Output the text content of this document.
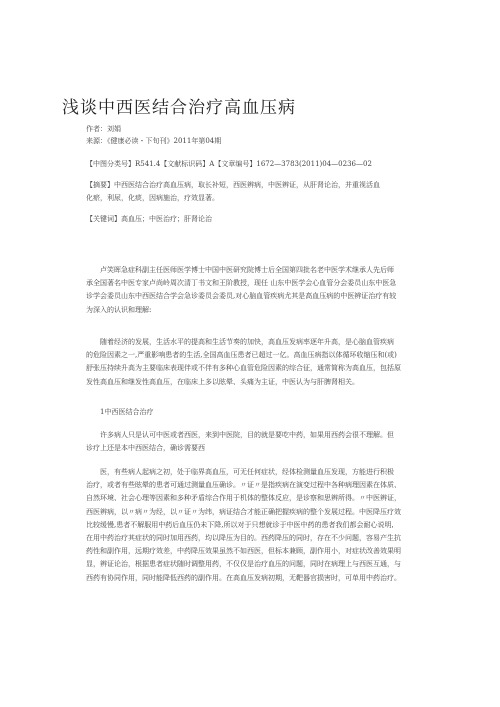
浅谈中西医结合治疗高血压病
作者：刘娟
来源：《健康必读・下旬刊》2011年第04期
【中图分类号】R541.4【文献标识码】A【文章编号】1672—3783(2011)04—0236—02
【摘要】中西医结合治疗高血压病，取长补短，西医辨病，中医辨证，从肝肾论治，并重视活血
化瘀，利尿，化痰，因病施治，疗效显著。
【关键词】高血压；中医治疗；肝肾论治
卢笑晖急症科副主任医师医学博士中国中医研究院博士后全国第四批名老中医学术继承人先后师
承全国著名中医专家卢尚岭周次清丁书文和王阶教授，现任 山东中医学会心血管分会委员山东中医急
诊学会委员山东中西医结合学会急诊委员会委员,对心脑血管疾病尤其是高血压病的中医辨证治疗有较
为深入的认识和理解:
随着经济的发展，生活水平的提高和生活节奏的加快，高血压发病率逐年升高，是心脑血管疾病
的危险因素之一,严重影响患者的生活,全国高血压患者已超过一亿。高血压病指以体循环收缩压和(或)
舒张压持续升高为主要临床表现伴或不伴有多种心血管危险因素的综合征，通常简称为高血压，包括原
发性高血压和继发性高血压，在临床上多以眩晕、头痛为主证，中医认为与肝脾肾相关。
1中西医结合治疗
许多病人只是认可中医或者西医，来到中医院，目的就是要吃中药，如果用西药会很不理解。但
诊疗上还是本中西医结合，确诊需要西
医，有些病人起病之初，处于临界高血压，可无任何症状，经体检测量血压发现，方能进行积极
治疗，或者有些眩晕的患者可通过测量血压确诊。〃证〃是指疾病在演变过程中各种病理因素在体质、
自然环境、社会心理等因素和多种矛盾综合作用于机体的整体反应，是诊察和思辨所得。〃中医辨证，
西医辨病，以〃病〃为经，以〃证〃为纬，病证结合才能正确把握疾病的整个发展过程。中医降压疗效
比较缓慢,患者不解服用中药后血压仍未下降,所以对于只想就诊于中医中药的患者我们都会耐心说明,
在用中药治疗其症状的同时加用西药，均以降压为目的。西药降压的同时，存在不少问题，容易产生抗
药性和副作用，远期疗效差，中药降压效果虽然不如西医，但标本兼顾，副作用小，对症状改善效果明
显，辨证论治，根据患者症状随时调整用药，不仅仅是治疗血压的问题，同时在病理上与西医互通，与
西药有协同作用，同时能降低西药的副作用。在高血压发病初期，无靶器官损害时，可单用中药治疗。
